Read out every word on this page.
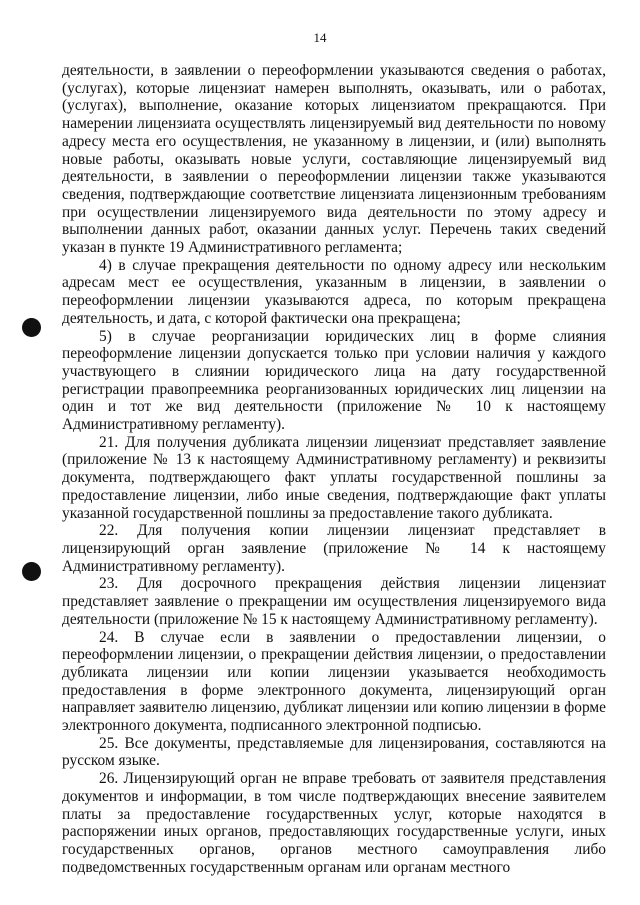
14

деятельности, в заявлении о переоформлении указываются сведения о работах, (услугах), которые лицензиат намерен выполнять, оказывать, или о работах, (услугах), выполнение, оказание которых лицензиатом прекращаются. При намерении лицензиата осуществлять лицензируемый вид деятельности по новому адресу места его осуществления, не указанному в лицензии, и (или) выполнять новые работы, оказывать новые услуги, составляющие лицензируемый вид деятельности, в заявлении о переоформлении лицензии также указываются сведения, подтверждающие соответствие лицензиата лицензионным требованиям при осуществлении лицензируемого вида деятельности по этому адресу и выполнении данных работ, оказании данных услуг. Перечень таких сведений указан в пункте 19 Административного регламента;

4) в случае прекращения деятельности по одному адресу или нескольким адресам мест ее осуществления, указанным в лицензии, в заявлении о переоформлении лицензии указываются адреса, по которым прекращена деятельность, и дата, с которой фактически она прекращена;

5) в случае реорганизации юридических лиц в форме слияния переоформление лицензии допускается только при условии наличия у каждого участвующего в слиянии юридического лица на дату государственной регистрации правопреемника реорганизованных юридических лиц лицензии на один и тот же вид деятельности (приложение № 10 к настоящему Административному регламенту).

21. Для получения дубликата лицензии лицензиат представляет заявление (приложение № 13 к настоящему Административному регламенту) и реквизиты документа, подтверждающего факт уплаты государственной пошлины за предоставление лицензии, либо иные сведения, подтверждающие факт уплаты указанной государственной пошлины за предоставление такого дубликата.

22. Для получения копии лицензии лицензиат представляет в лицензирующий орган заявление (приложение № 14 к настоящему Административному регламенту).

23. Для досрочного прекращения действия лицензии лицензиат представляет заявление о прекращении им осуществления лицензируемого вида деятельности (приложение № 15 к настоящему Административному регламенту).

24. В случае если в заявлении о предоставлении лицензии, о переоформлении лицензии, о прекращении действия лицензии, о предоставлении дубликата лицензии или копии лицензии указывается необходимость предоставления в форме электронного документа, лицензирующий орган направляет заявителю лицензию, дубликат лицензии или копию лицензии в форме электронного документа, подписанного электронной подписью.

25. Все документы, представляемые для лицензирования, составляются на русском языке.

26. Лицензирующий орган не вправе требовать от заявителя представления документов и информации, в том числе подтверждающих внесение заявителем платы за предоставление государственных услуг, которые находятся в распоряжении иных органов, предоставляющих государственные услуги, иных государственных органов, органов местного самоуправления либо подведомственных государственным органам или органам местного
